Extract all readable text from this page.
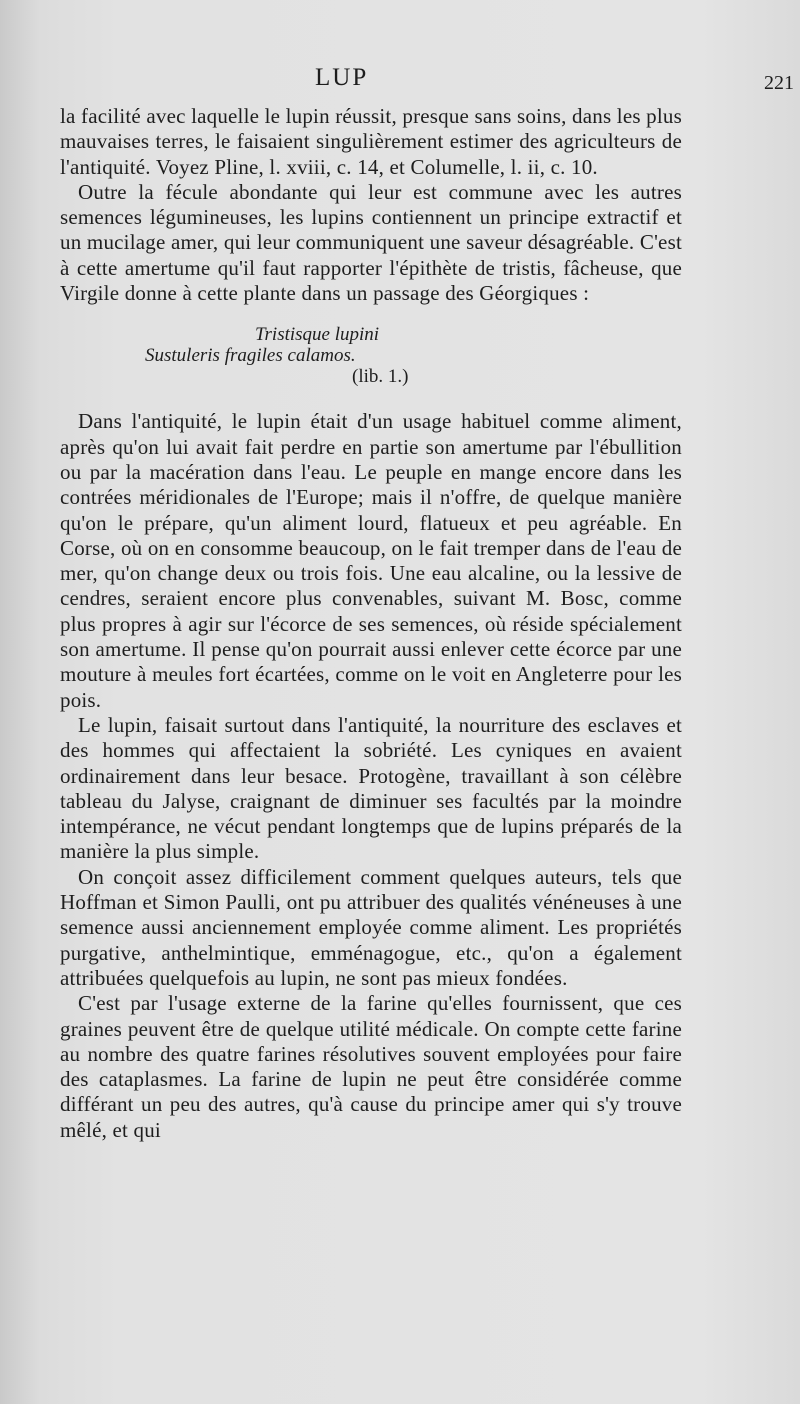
LUP	221

la facilité avec laquelle le lupin réussit, presque sans soins, dans les plus mauvaises terres, le faisaient singulièrement estimer des agriculteurs de l'antiquité. Voyez Pline, l. xviii, c. 14, et Columelle, l. ii, c. 10.

Outre la fécule abondante qui leur est commune avec les autres semences légumineuses, les lupins contiennent un principe extractif et un mucilage amer, qui leur communiquent une saveur désagréable. C'est à cette amertume qu'il faut rapporter l'épithète de tristis, fâcheuse, que Virgile donne à cette plante dans un passage des Géorgiques :

Tristisque lupini
Sustuleris fragiles calamos.
(lib. 1.)

Dans l'antiquité, le lupin était d'un usage habituel comme aliment, après qu'on lui avait fait perdre en partie son amertume par l'ébullition ou par la macération dans l'eau. Le peuple en mange encore dans les contrées méridionales de l'Europe; mais il n'offre, de quelque manière qu'on le prépare, qu'un aliment lourd, flatueux et peu agréable. En Corse, où on en consomme beaucoup, on le fait tremper dans de l'eau de mer, qu'on change deux ou trois fois. Une eau alcaline, ou la lessive de cendres, seraient encore plus convenables, suivant M. Bosc, comme plus propres à agir sur l'écorce de ses semences, où réside spécialement son amertume. Il pense qu'on pourrait aussi enlever cette écorce par une mouture à meules fort écartées, comme on le voit en Angleterre pour les pois.

Le lupin, faisait surtout dans l'antiquité, la nourriture des esclaves et des hommes qui affectaient la sobriété. Les cyniques en avaient ordinairement dans leur besace. Protogène, travaillant à son célèbre tableau du Jalyse, craignant de diminuer ses facultés par la moindre intempérance, ne vécut pendant longtemps que de lupins préparés de la manière la plus simple.

On conçoit assez difficilement comment quelques auteurs, tels que Hoffman et Simon Paulli, ont pu attribuer des qualités vénéneuses à une semence aussi anciennement employée comme aliment. Les propriétés purgative, anthelmintique, emménagogue, etc., qu'on a également attribuées quelquefois au lupin, ne sont pas mieux fondées.

C'est par l'usage externe de la farine qu'elles fournissent, que ces graines peuvent être de quelque utilité médicale. On compte cette farine au nombre des quatre farines résolutives souvent employées pour faire des cataplasmes. La farine de lupin ne peut être considérée comme différant un peu des autres, qu'à cause du principe amer qui s'y trouve mêlé, et qui
